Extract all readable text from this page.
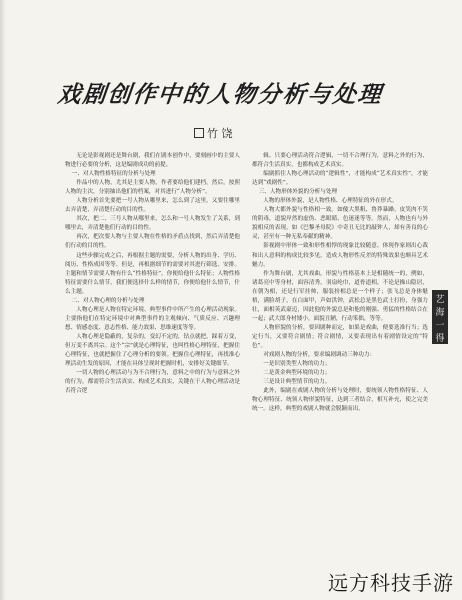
戏剧创作中的人物分析与处理
竹 饶

无论是影视剧还是舞台剧，我们在剧本创作中，要刻画中的主要人物进行必要的分析，这是编剧成功的前提。

一、对人物性格特征的分析与处理

作品中的人物，尤其是主要人物，作者要给他们建档，然后，按照人物的主次，分别抽出他们的档案，对其进行“人物分析”。

人物分析首先要把一号人物从哪里来，怎么到了这里，又要往哪里去弄清楚，弄清楚行动的目的性。

其次，把二、三号人物从哪里来，怎么和一号人物发生了关系，到哪里去，弄清楚他们行动的目的性。

再次，把次要人物与主要人物在性格的矛盾点找到，然后弄清楚他们行动的目的性。

这些步骤完成之后，再根据主题的需要，分析人物的出身、学历、阅历、性格成因等等。但是，再根据细节的需要对其进行筛选、安排。主题和情节需要人物有什么“性格特征”，你便给他什么特征；人物性格特征需要什么情节，我们便选择什么样的情节，你便给他什么情节，什么主题。

二、对人物心理的分析与处理

人物心理是人物在特定环境、典型事件中所产生的心理活动现象。主要指他们在特定环境中对典型事件的主观倾向、气质反应、兴趣理想、情感态度、意志性格、能力效果、思维速度等等。

人物心理是隐蔽的，复杂的，变幻不定的，钻点就把，踩着万变，但万变不离其宗。这个“宗”就是心理特征，也叫性格心理特征，把握住心理特征，也就把握住了心理分析的要领。把握住心理特征，再找准心理活动生发的原因，才能在具体呈现时把握时机，安排好关键细节。

一切人物的心理活动与为不合理行为，意料之中的行为与意料之外的行为，都需符合生活真实、构成艺术真实，关键在于人物心理活动是否符合逻

辑。只要心理活动符合逻辑，一切不合理行为，意料之外的行为，都符合生活真实，也都构成艺术真实。

编剧抓住人物心理活动的“逻辑性”，才能构成“艺术真实性”，才能达到“戏剧性”。

三、人物形体外貌的分析与处理

人物的形体外貌，是人物性格、心理特征的外在形式。

人物大都外貌与性格相一致。如傻大黑粗、鲁莽暴躁、皮笑肉不笑的阴毒，道貌岸然的虚伪、恶眼睛、色迷迷等等。然而，人物也有与外貌相反的表现，如《巴黎圣母院》中奇丑无比的敲钟人，却有善良的心灵，甚至有一种无私奉献的精神。

影视剧中形体一致和形性相悖的现象比较随意。体现作家则出心裁和出人意料的构成比较多见，造成人物形性反差的特殊效果也颇具艺术魅力。

作为舞台剧，尤其戏曲，形貌与性格基本上是相随统一的，例如，诸葛亮中等身材，面容清秀，羽扇纶巾，道骨道相，不论是操山隐居，在朝为相，还是行军挂帅，服装扮相总是一个样子；张飞总是身体魁梧，满脸胡子，在白面甲，声如洪钟，武松总是黑色武士打扮，身强力壮，面相英武豪迈，因此他的外貌总是和他的刚强、勇猛的性格结合在一起；武大郎身材矮小，面貌丑陋，行动笨拙，等等。

人物形貌的分析，要因剧种而定，如果是戏曲，便要选准行当；选定行当，又要符合剧情；符合剧情，又要表现出有着剧情设定的“特色”。

对戏剧人物的分析，要求编剧调动三种功力：

一是识别类型人物的功力；

二是黄金典型环境的功力；

三是设计典型情节的功力。

此外，编剧在戏剧人物的分析与处理时，要统领人物性格特征、人物心理特征、统领人物形貌特征，达到三者结合，相互补充，使之完美统一。这样，典型的戏剧人物就会脱颖而出。

艺
海
一
得
远方科技手游
